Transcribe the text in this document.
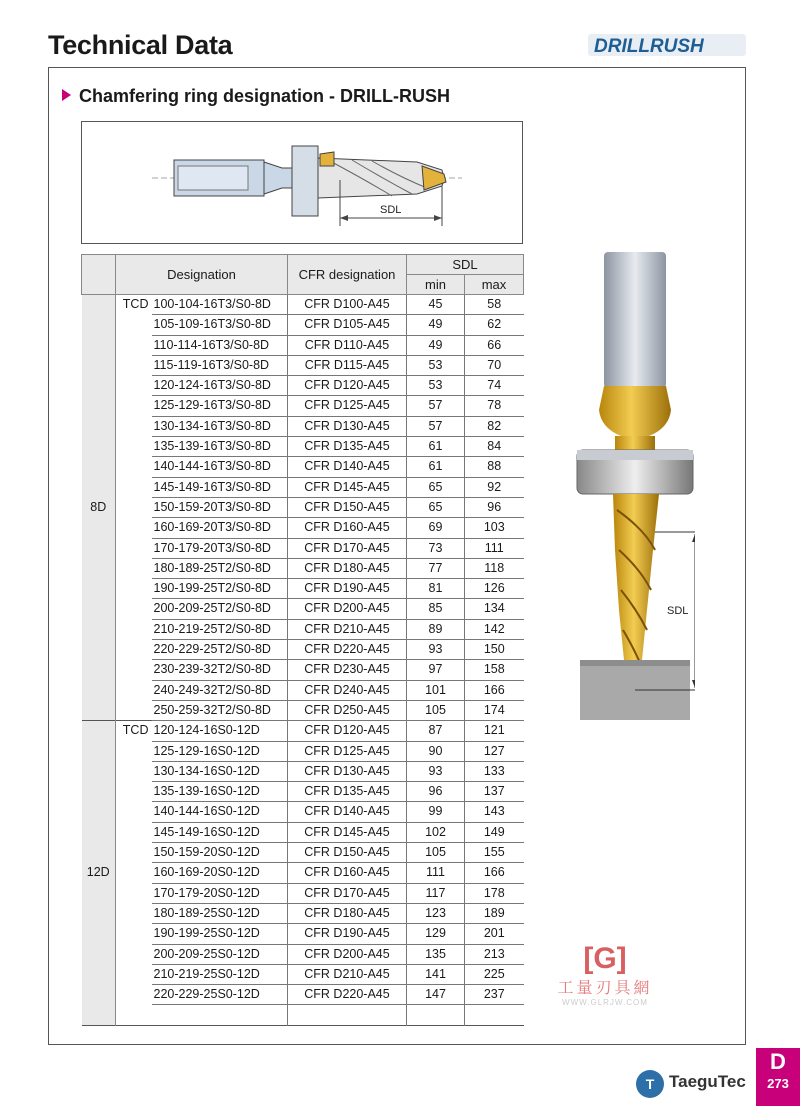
Technical Data	DRILLRUSH
Chamfering ring designation - DRILL-RUSH
SDL
	Designation		CFR designation	SDL	
				min	max
8D	TCD	100-104-16T3/S0-8D	CFR D100-A45	45	58
		105-109-16T3/S0-8D	CFR D105-A45	49	62
		110-114-16T3/S0-8D	CFR D110-A45	49	66
		115-119-16T3/S0-8D	CFR D115-A45	53	70
		120-124-16T3/S0-8D	CFR D120-A45	53	74
		125-129-16T3/S0-8D	CFR D125-A45	57	78
		130-134-16T3/S0-8D	CFR D130-A45	57	82
		135-139-16T3/S0-8D	CFR D135-A45	61	84
		140-144-16T3/S0-8D	CFR D140-A45	61	88
		145-149-16T3/S0-8D	CFR D145-A45	65	92
		150-159-20T3/S0-8D	CFR D150-A45	65	96
		160-169-20T3/S0-8D	CFR D160-A45	69	103
		170-179-20T3/S0-8D	CFR D170-A45	73	111
		180-189-25T2/S0-8D	CFR D180-A45	77	118
		190-199-25T2/S0-8D	CFR D190-A45	81	126
		200-209-25T2/S0-8D	CFR D200-A45	85	134
		210-219-25T2/S0-8D	CFR D210-A45	89	142
		220-229-25T2/S0-8D	CFR D220-A45	93	150
		230-239-32T2/S0-8D	CFR D230-A45	97	158
		240-249-32T2/S0-8D	CFR D240-A45	101	166
		250-259-32T2/S0-8D	CFR D250-A45	105	174
12D	TCD	120-124-16S0-12D	CFR D120-A45	87	121
		125-129-16S0-12D	CFR D125-A45	90	127
		130-134-16S0-12D	CFR D130-A45	93	133
		135-139-16S0-12D	CFR D135-A45	96	137
		140-144-16S0-12D	CFR D140-A45	99	143
		145-149-16S0-12D	CFR D145-A45	102	149
		150-159-20S0-12D	CFR D150-A45	105	155
		160-169-20S0-12D	CFR D160-A45	111	166
		170-179-20S0-12D	CFR D170-A45	117	178
		180-189-25S0-12D	CFR D180-A45	123	189
		190-199-25S0-12D	CFR D190-A45	129	201
		200-209-25S0-12D	CFR D200-A45	135	213
		210-219-25S0-12D	CFR D210-A45	141	225
		220-229-25S0-12D	CFR D220-A45	147	237

SDL
[G]
工量刃具網
WWW.GLRJW.COM
T TaeguTec
D
273
